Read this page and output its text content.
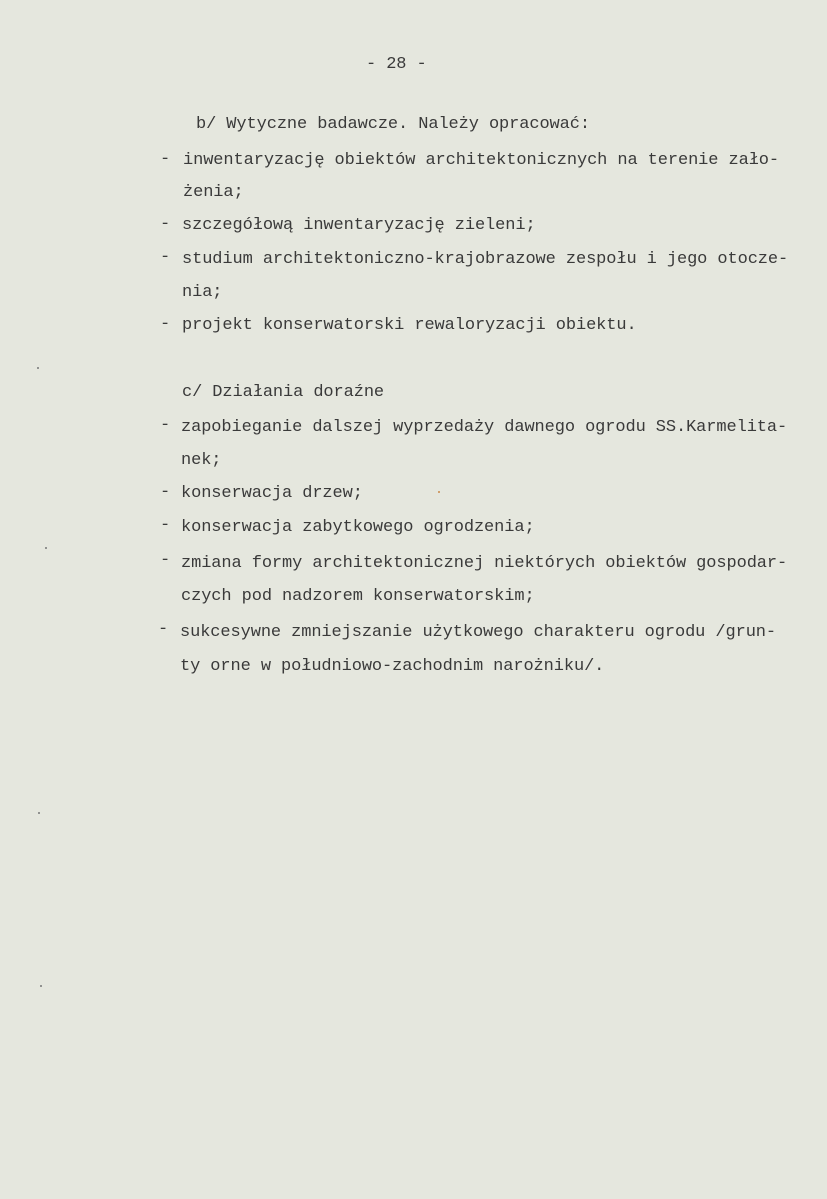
- 28 -
b/ Wytyczne badawcze. Należy opracować:
- inwentaryzację obiektów architektonicznych na terenie zało-
żenia;
- szczegółową inwentaryzację zieleni;
- studium architektoniczno-krajobrazowe zespołu i jego otocze-
nia;
- projekt konserwatorski rewaloryzacji obiektu.
c/ Działania doraźne
- zapobieganie dalszej wyprzedaży dawnego ogrodu SS.Karmelita-
nek;
- konserwacja drzew;
- konserwacja zabytkowego ogrodzenia;
- zmiana formy architektonicznej niektórych obiektów gospodar-
czych pod nadzorem konserwatorskim;
- sukcesywne zmniejszanie użytkowego charakteru ogrodu /grun-
ty orne w południowo-zachodnim narożniku/.
